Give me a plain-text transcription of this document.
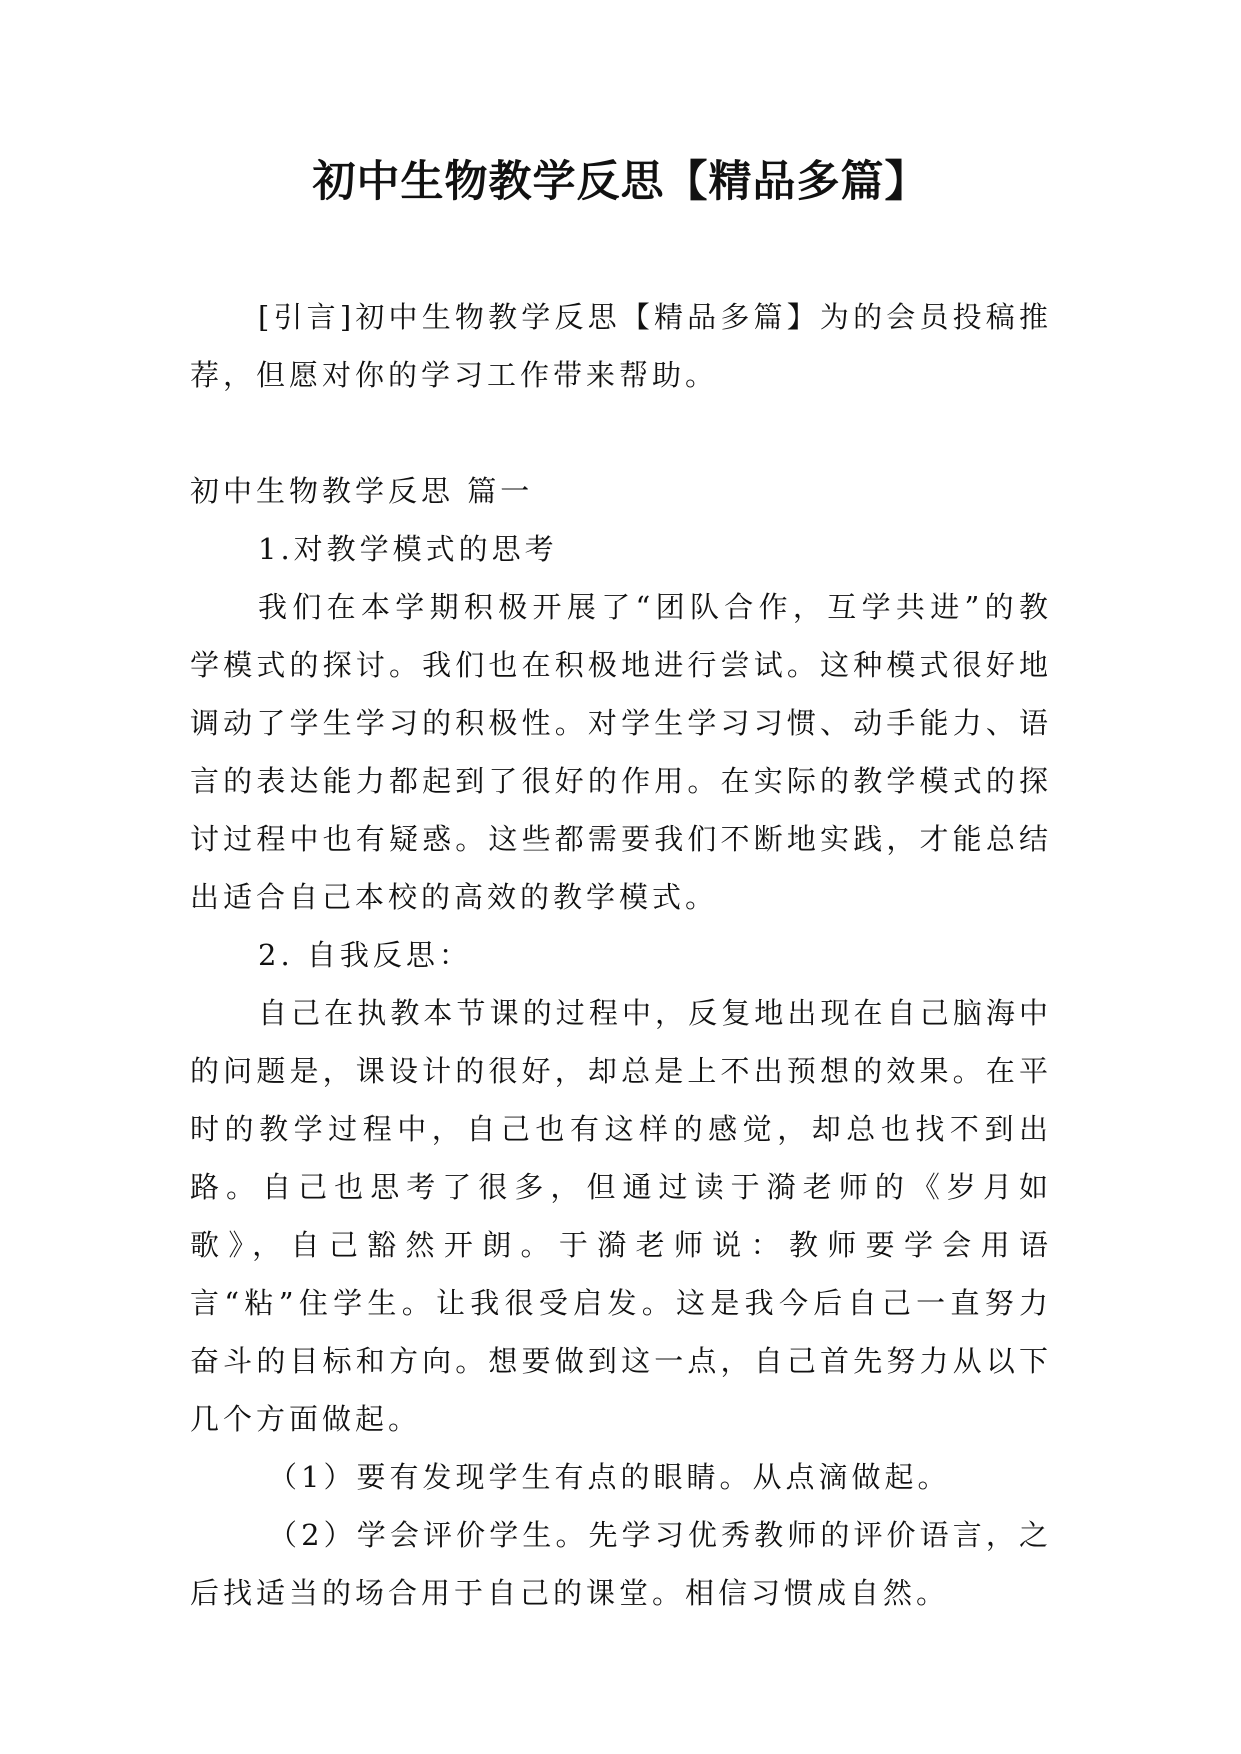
初中生物教学反思【精品多篇】

[引言]初中生物教学反思【精品多篇】为的会员投稿推荐，但愿对你的学习工作带来帮助。

初中生物教学反思 篇一

1.对教学模式的思考

我们在本学期积极开展了“团队合作，互学共进”的教学模式的探讨。我们也在积极地进行尝试。这种模式很好地调动了学生学习的积极性。对学生学习习惯、动手能力、语言的表达能力都起到了很好的作用。在实际的教学模式的探讨过程中也有疑惑。这些都需要我们不断地实践，才能总结出适合自己本校的高效的教学模式。

2. 自我反思：

自己在执教本节课的过程中，反复地出现在自己脑海中的问题是，课设计的很好，却总是上不出预想的效果。在平时的教学过程中，自己也有这样的感觉，却总也找不到出路。自己也思考了很多，但通过读于漪老师的《岁月如歌》，自己豁然开朗。于漪老师说：教师要学会用语言“粘”住学生。让我很受启发。这是我今后自己一直努力奋斗的目标和方向。想要做到这一点，自己首先努力从以下几个方面做起。

（1）要有发现学生有点的眼睛。从点滴做起。

（2）学会评价学生。先学习优秀教师的评价语言，之后找适当的场合用于自己的课堂。相信习惯成自然。
